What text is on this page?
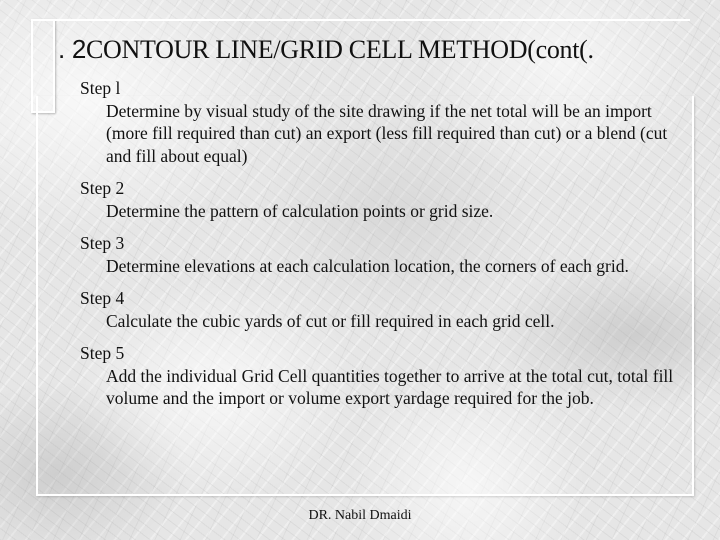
. 2CONTOUR LINE/GRID CELL METHOD(cont(.
Step l
Determine by visual study of the site drawing if the net total will be an import (more fill required than cut) an export (less fill required than cut) or a blend (cut and fill about equal)
Step 2
Determine the pattern of calculation points or grid size.
Step 3
Determine elevations at each calculation location, the corners of each grid.
Step 4
Calculate the cubic yards of cut or fill required in each grid cell.
Step 5
Add the individual Grid Cell quantities together to arrive at the total cut, total fill volume and the import or volume export yardage required for the job.
DR. Nabil Dmaidi
